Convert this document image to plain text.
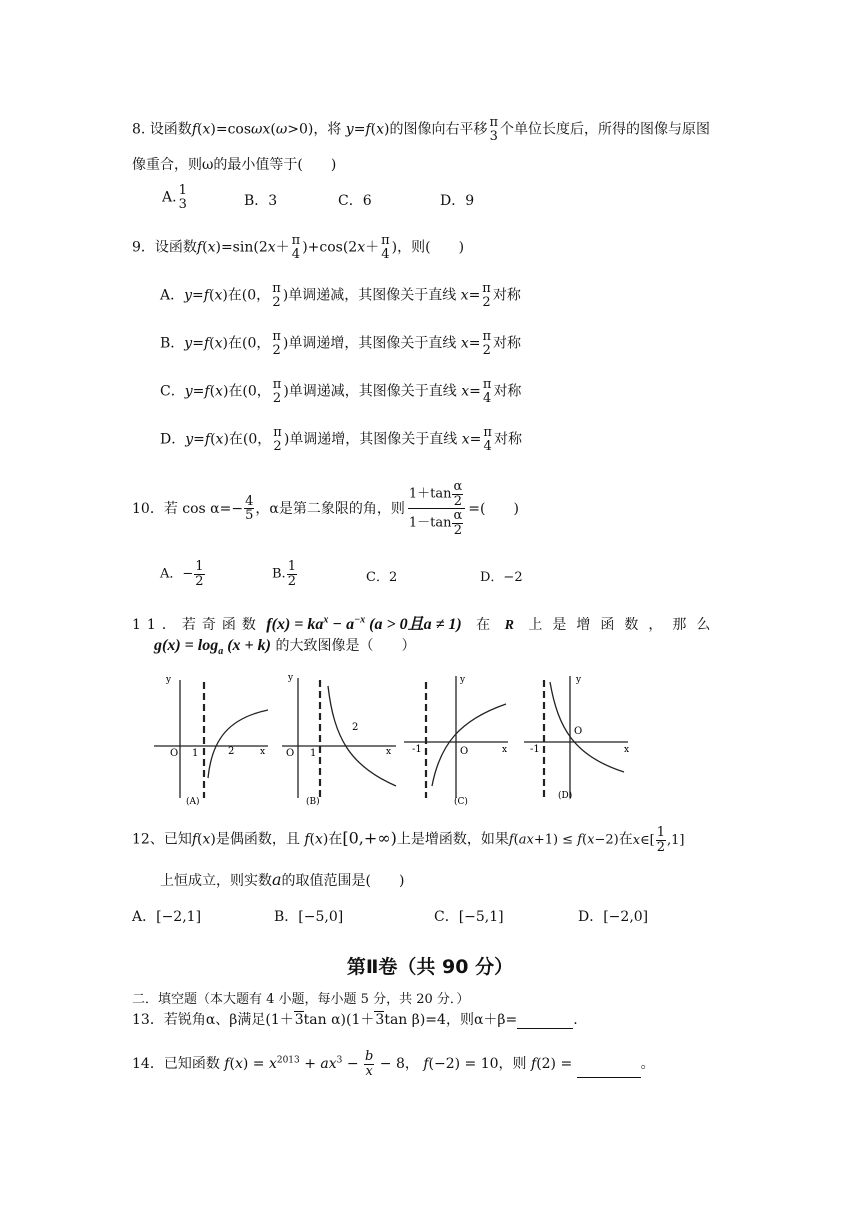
8. 设函数f(x)=cosωx(ω>0)，将 y=f(x)的图像向右平移 π
3 个单位长度后，所得的图像与原图
像重合，则ω的最小值等于(　　)
A. 1
3	B．3	C．6	D．9
9．设函数f(x)=sin(2x＋ π
4 )+cos(2x＋ π
4 )，则(　　)
A．y=f(x)在(0， π
2 )单调递减，其图像关于直线 x= π
2 对称
B．y=f(x)在(0， π
2 )单调递增，其图像关于直线 x= π
2 对称
C．y=f(x)在(0， π
2 )单调递减，其图像关于直线 x= π
4 对称
D．y=f(x)在(0， π
2 )单调递增，其图像关于直线 x= π
4 对称
10．若 $\cos \alpha=- \frac{4}{5}$ ，α是第二象限的角，则 $\frac{1+\tan \frac{\alpha}{2}}{1-\tan \frac{\alpha}{2}}$ =(　　)
A．− $\frac{1}{2}$	B. $\frac{1}{2}$	C．2	D．−2
11．若奇函数 $f(x) = ka^x - a^{-x}$ (a > 0且a ≠ 1) 在 R 上是增函数，那么
$g(x) = \log_a (x + k)$ 的大致图像是（　　）
y
x
O 1	2
(A)
y
x
O 1
2
(B)
y
x
O
-1
(C)
y
x
O
-1
(D)
12、已知f(x)是偶函数，且 f(x)在[0,+∞)上是增函数，如果f(ax+1) ≤ f(x−2)在x∈[ $\frac{1}{2} ,1$]
上恒成立，则实数a的取值范围是(　　)
A．[−2,1]	B．[−5,0]	C．[−5,1]	D．[−2,0]
第Ⅱ卷（共 90 分）
二．填空题（本大题有 4 小题，每小题 5 分，共 20 分．）
13．若锐角α、β满足(1＋3tan α)(1＋3tan β)=4，则α＋β=	.
14．已知函数 $f(x) = x^{2013} + ax^3 - \frac{b}{x} - 8$， f(−2) = 10，则 f(2) =	。
